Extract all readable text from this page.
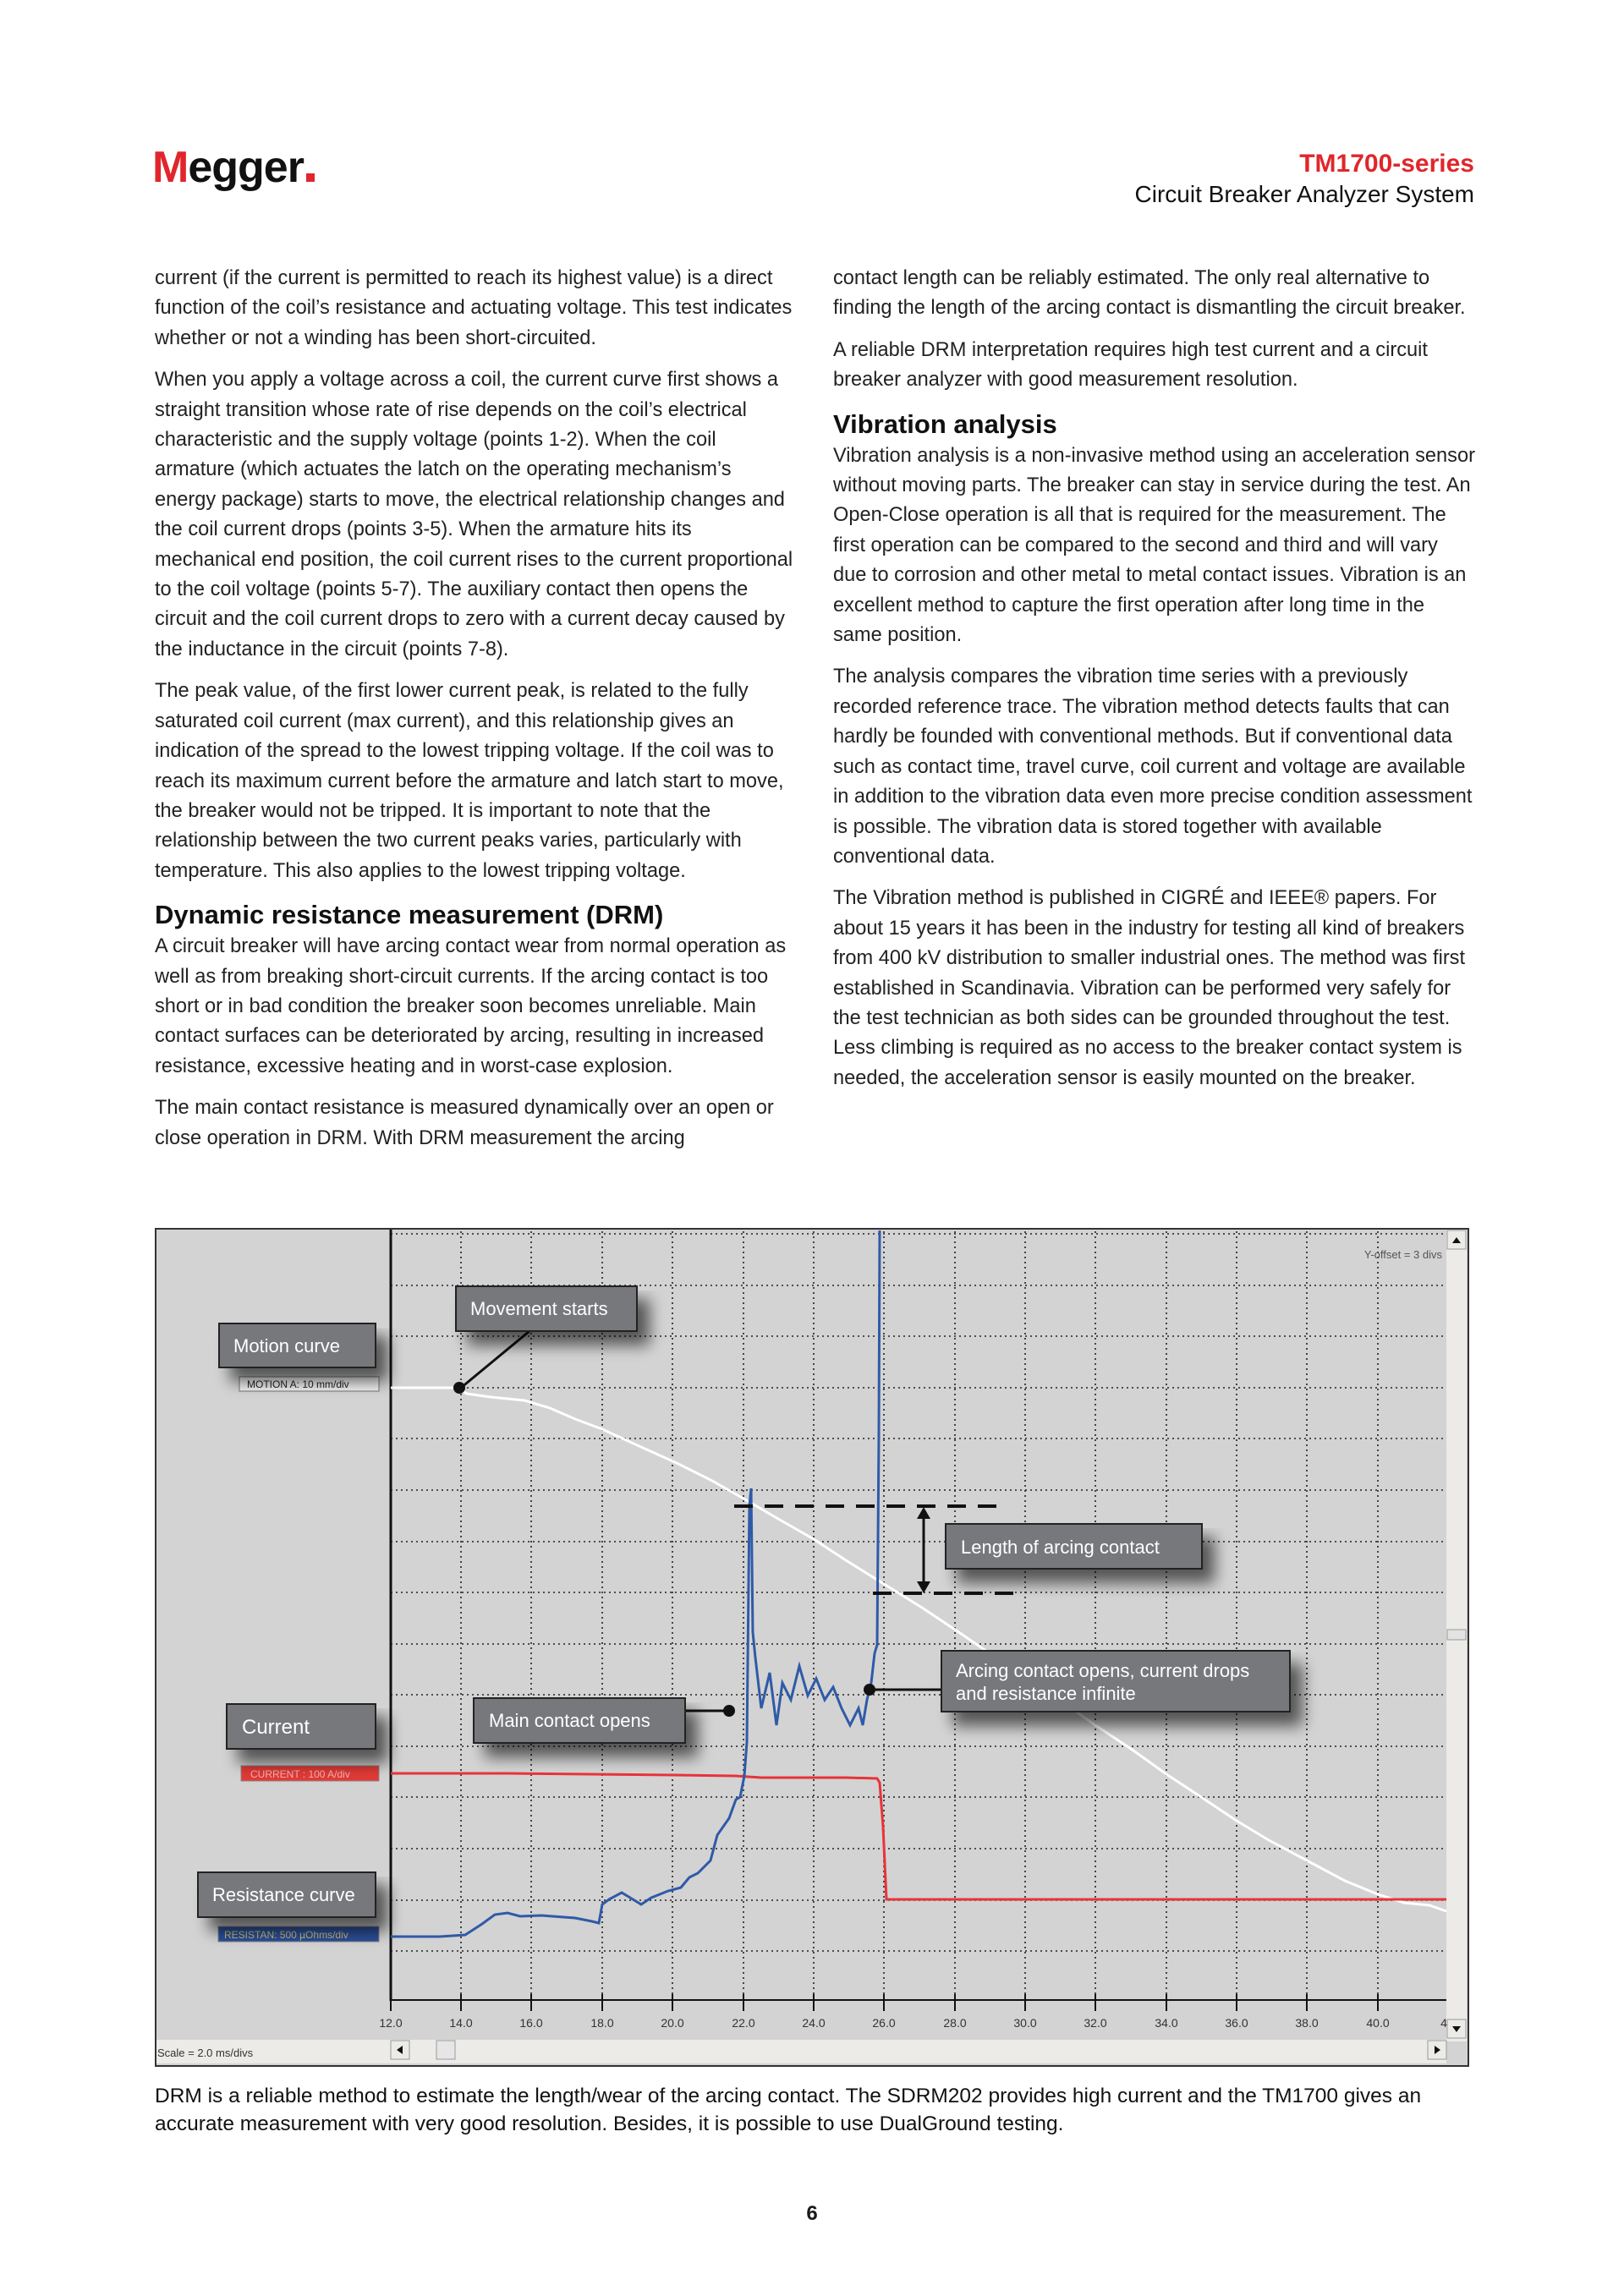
Megger	TM1700-series
Circuit Breaker Analyzer System

current (if the current is permitted to reach its highest value) is a direct function of the coil’s resistance and actuating voltage. This test indicates whether or not a winding has been short-circuited.

When you apply a voltage across a coil, the current curve first shows a straight transition whose rate of rise depends on the coil’s electrical characteristic and the supply voltage (points 1-2). When the coil armature (which actuates the latch on the operating mechanism’s energy package) starts to move, the electrical relationship changes and the coil current drops (points 3-5). When the armature hits its mechanical end position, the coil current rises to the current proportional to the coil voltage (points 5-7). The auxiliary contact then opens the circuit and the coil current drops to zero with a current decay caused by the inductance in the circuit (points 7-8).

The peak value, of the first lower current peak, is related to the fully saturated coil current (max current), and this relationship gives an indication of the spread to the lowest tripping voltage. If the coil was to reach its maximum current before the armature and latch start to move, the breaker would not be tripped. It is important to note that the relationship between the two current peaks varies, particularly with temperature. This also applies to the lowest tripping voltage.

Dynamic resistance measurement (DRM)

A circuit breaker will have arcing contact wear from normal operation as well as from breaking short-circuit currents. If the arcing contact is too short or in bad condition the breaker soon becomes unreliable. Main contact surfaces can be deteriorated by arcing, resulting in increased resistance, excessive heating and in worst-case explosion.

The main contact resistance is measured dynamically over an open or close operation in DRM. With DRM measurement the arcing

contact length can be reliably estimated. The only real alternative to finding the length of the arcing contact is dismantling the circuit breaker.

A reliable DRM interpretation requires high test current and a circuit breaker analyzer with good measurement resolution.

Vibration analysis

Vibration analysis is a non-invasive method using an acceleration sensor without moving parts. The breaker can stay in service during the test. An Open-Close operation is all that is required for the measurement. The first operation can be compared to the second and third and will vary due to corrosion and other metal to metal contact issues. Vibration is an excellent method to capture the first operation after long time in the same position.

The analysis compares the vibration time series with a previously recorded reference trace. The vibration method detects faults that can hardly be founded with conventional methods. But if conventional data such as contact time, travel curve, coil current and voltage are available in addition to the vibration data even more precise condition assessment is possible. The vibration data is stored together with available conventional data.

The Vibration method is published in CIGRÉ and IEEE® papers. For about 15 years it has been in the industry for testing all kind of breakers from 400 kV distribution to smaller industrial ones. The method was first established in Scandinavia. Vibration can be performed very safely for the test technician as both sides can be grounded throughout the test. Less climbing is required as no access to the breaker contact system is needed, the acceleration sensor is easily mounted on the breaker.

Scale = 2.0 ms/divs
12.0	14.0	16.0	18.0	20.0	22.0	24.0	26.0	28.0	30.0	32.0	34.0	36.0	38.0	40.0	4
Y-offset = 3 divs
MOTION A: 10 mm/div
CURRENT : 100 A/div
RESISTAN: 500 µOhms/div
Motion curve
Movement starts
Length of arcing contact
Current	Main contact opens
Arcing contact opens, current drops
and resistance infinite
Resistance curve
DRM is a reliable method to estimate the length/wear of the arcing contact. The SDRM202 provides high current and the TM1700 gives an accurate measurement with very good resolution. Besides, it is possible to use DualGround testing.
6
